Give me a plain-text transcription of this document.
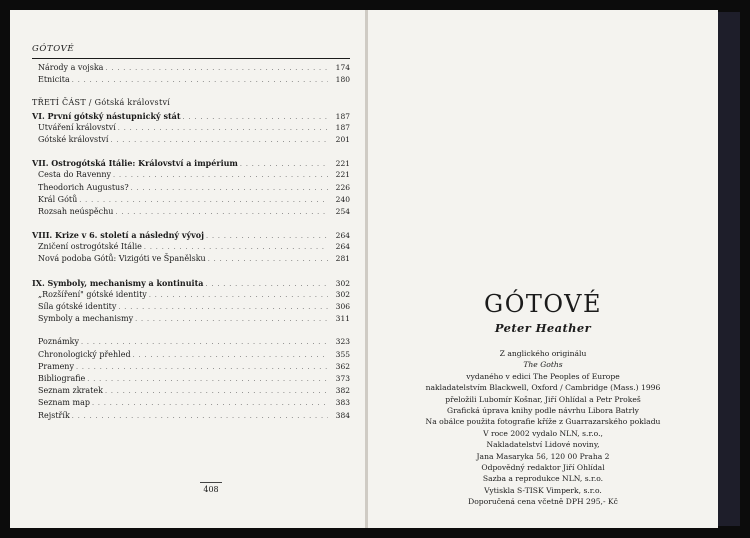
GÓTOVÉ
Národy a vojska . . .	174
Etnicita . . .	180
TŘETÍ ČÁST / Gótská království
VI. První gótský nástupnický stát . . .	187
Utváření království . . .	187
Gótské království . . .	201
VII. Ostrogótská Itálie: Království a impérium . . .	221
Cesta do Ravenny . . .	221
Theodorich Augustus? . . .	226
Král Gótů . . .	240
Rozsah neúspěchu . . .	254
VIII. Krize v 6. století a následný vývoj . . .	264
Zničení ostrogótské Itálie . . .	264
Nová podoba Gótů: Vizigóti ve Španělsku . . .	281
IX. Symboly, mechanismy a kontinuita . . .	302
„Rozšíření" gótské identity . . .	302
Síla gótské identity . . .	306
Symboly a mechanismy . . .	311
Poznámky . . .	323
Chronologický přehled . . .	355
Prameny . . .	362
Bibliografie . . .	373
Seznam zkratek . . .	382
Seznam map . . .	383
Rejstřík . . .	384
408
GÓTOVÉ
Peter Heather
Z anglického originálu
The Goths
vydaného v edici The Peoples of Europe
nakladatelstvím Blackwell, Oxford / Cambridge (Mass.) 1996
přeložili Lubomír Košnar, Jiří Ohlídal a Petr Prokeš
Grafická úprava knihy podle návrhu Libora Batrly
Na obálce použita fotografie kříže z Guarrazarského pokladu
V roce 2002 vydalo NLN, s.r.o.,
Nakladatelství Lidové noviny,
Jana Masaryka 56, 120 00 Praha 2
Odpovědný redaktor Jiří Ohlídal
Sazba a reprodukce NLN, s.r.o.
Vytiskla S-TISK Vimperk, s.r.o.
Doporučená cena včetně DPH 295,- Kč
